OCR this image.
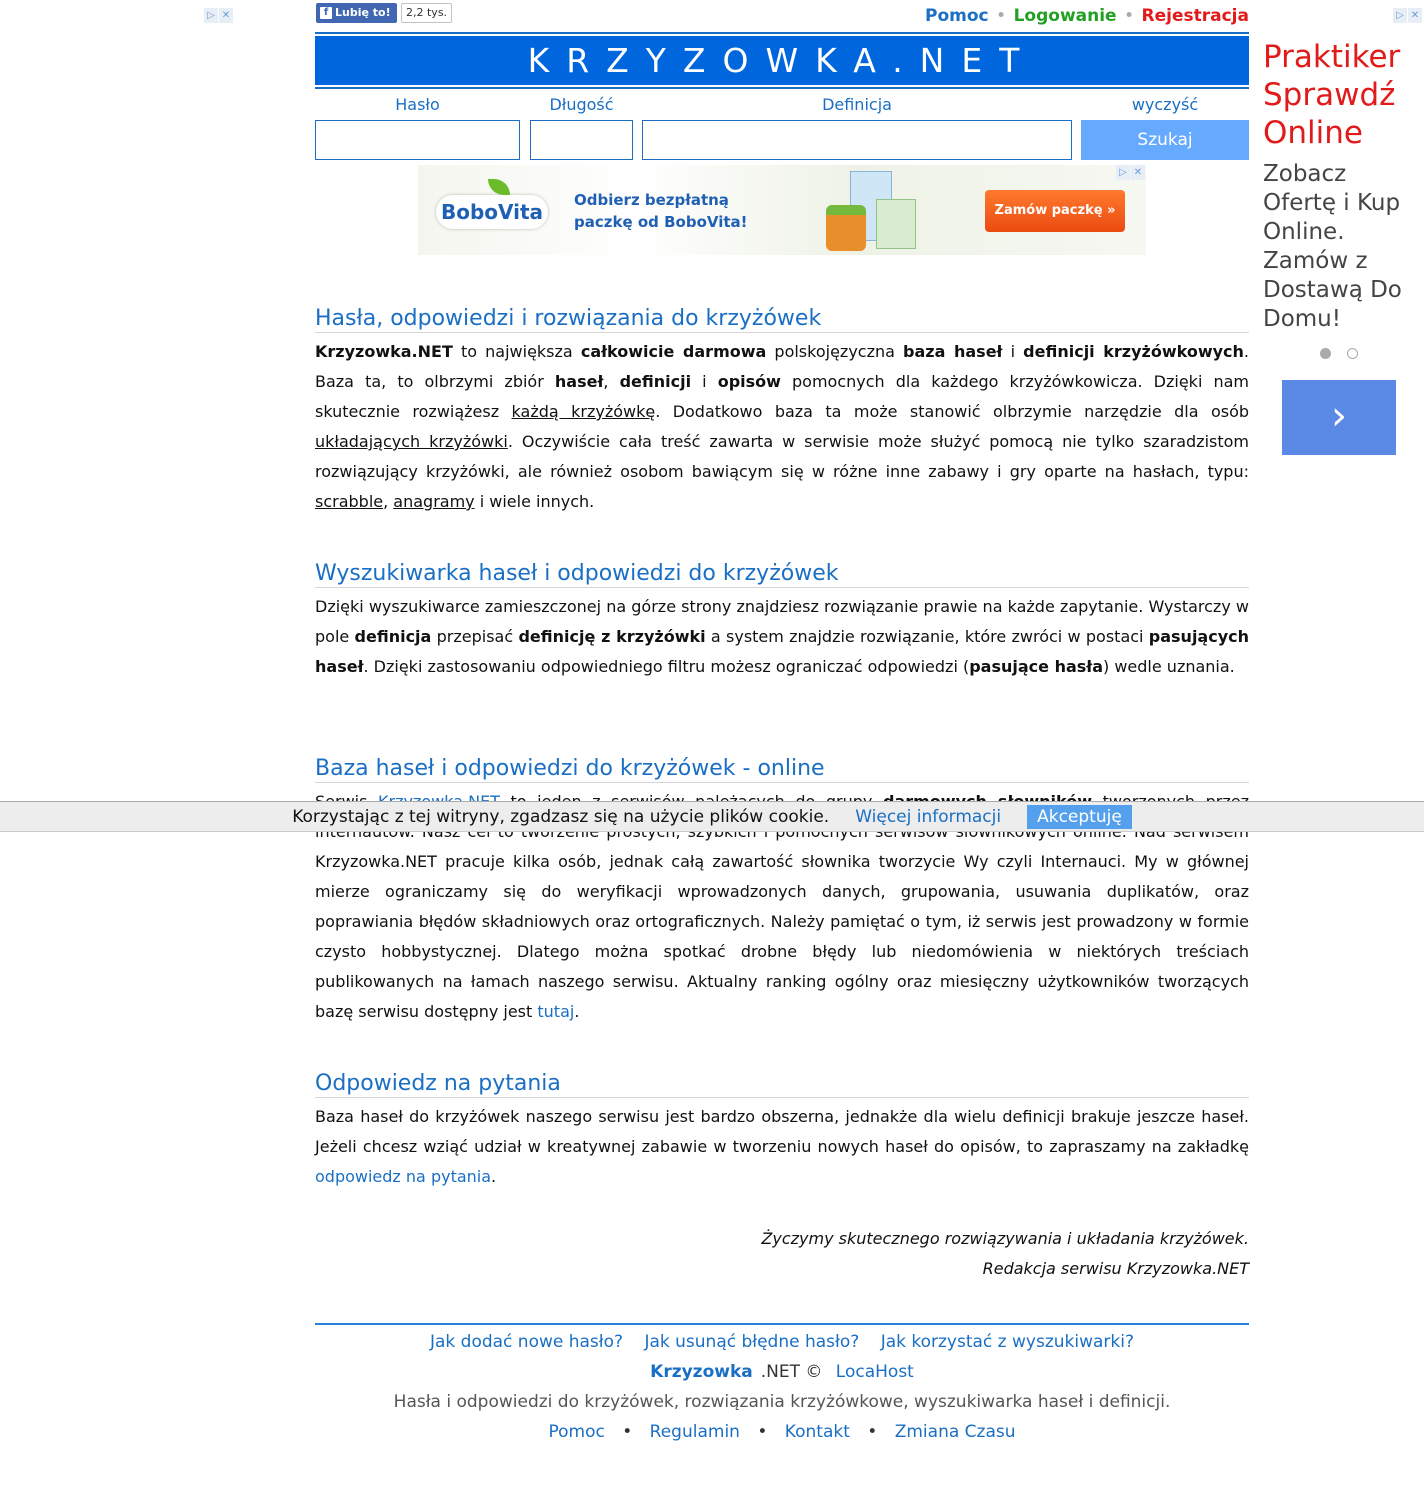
▷ ✕	▷ ✕
f Lubię to!	2,2 tys.	Pomoc • Logowanie • Rejestracja
KRZYZOWKA.NET
Hasło	Długość	Definicja	wyczyść
Szukaj
BoboVita	Odbierz bezpłatną paczkę od BoboVita!
Zamów paczkę »
▷ ✕
Hasła, odpowiedzi i rozwiązania do krzyżówek

Krzyzowka.NET to największa całkowicie darmowa polskojęzyczna baza haseł i definicji krzyżówkowych. Baza ta, to olbrzymi zbiór haseł, definicji i opisów pomocnych dla każdego krzyżówkowicza. Dzięki nam skutecznie rozwiążesz każdą krzyżówkę. Dodatkowo baza ta może stanowić olbrzymie narzędzie dla osób układających krzyżówki. Oczywiście cała treść zawarta w serwisie może służyć pomocą nie tylko szaradzistom rozwiązujący krzyżówki, ale również osobom bawiącym się w różne inne zabawy i gry oparte na hasłach, typu: scrabble, anagramy i wiele innych.

Wyszukiwarka haseł i odpowiedzi do krzyżówek

Dzięki wyszukiwarce zamieszczonej na górze strony znajdziesz rozwiązanie prawie na każde zapytanie. Wystarczy w pole definicja przepisać definicję z krzyżówki a system znajdzie rozwiązanie, które zwróci w postaci pasujących haseł. Dzięki zastosowaniu odpowiedniego filtru możesz ograniczać odpowiedzi (pasujące hasła) wedle uznania.

Baza haseł i odpowiedzi do krzyżówek - online

Krzyzowka.NET pracuje kilka osób, jednak całą zawartość słownika tworzycie Wy czyli Internauci. My w głównej mierze ograniczamy się do weryfikacji wprowadzonych danych, grupowania, usuwania duplikatów, oraz poprawiania błędów składniowych oraz ortograficznych. Należy pamiętać o tym, iż serwis jest prowadzony w formie czysto hobbystycznej. Dlatego można spotkać drobne błędy lub niedomówienia w niektórych treściach publikowanych na łamach naszego serwisu. Aktualny ranking ogólny oraz miesięczny użytkowników tworzących bazę serwisu dostępny jest tutaj.

Odpowiedz na pytania

Baza haseł do krzyżówek naszego serwisu jest bardzo obszerna, jednakże dla wielu definicji brakuje jeszcze haseł. Jeżeli chcesz wziąć udział w kreatywnej zabawie w tworzeniu nowych haseł do opisów, to zapraszamy na zakładkę odpowiedz na pytania.

Życzymy skutecznego rozwiązywania i układania krzyżówek.
Redakcja serwisu Krzyzowka.NET
Jak dodać nowe hasło? Jak usunąć błędne hasło? Jak korzystać z wyszukiwarki?
Krzyzowka .NET © LocaHost
Hasła i odpowiedzi do krzyżówek, rozwiązania krzyżówkowe, wyszukiwarka haseł i definicji.
Pomoc • Regulamin • Kontakt • Zmiana Czasu
Korzystając z tej witryny, zgadzasz się na użycie plików cookie. Więcej informacji	Akceptuję
Praktiker Sprawdź Online
Zobacz Ofertę i Kup Online. Zamów z Dostawą Do Domu!
›
